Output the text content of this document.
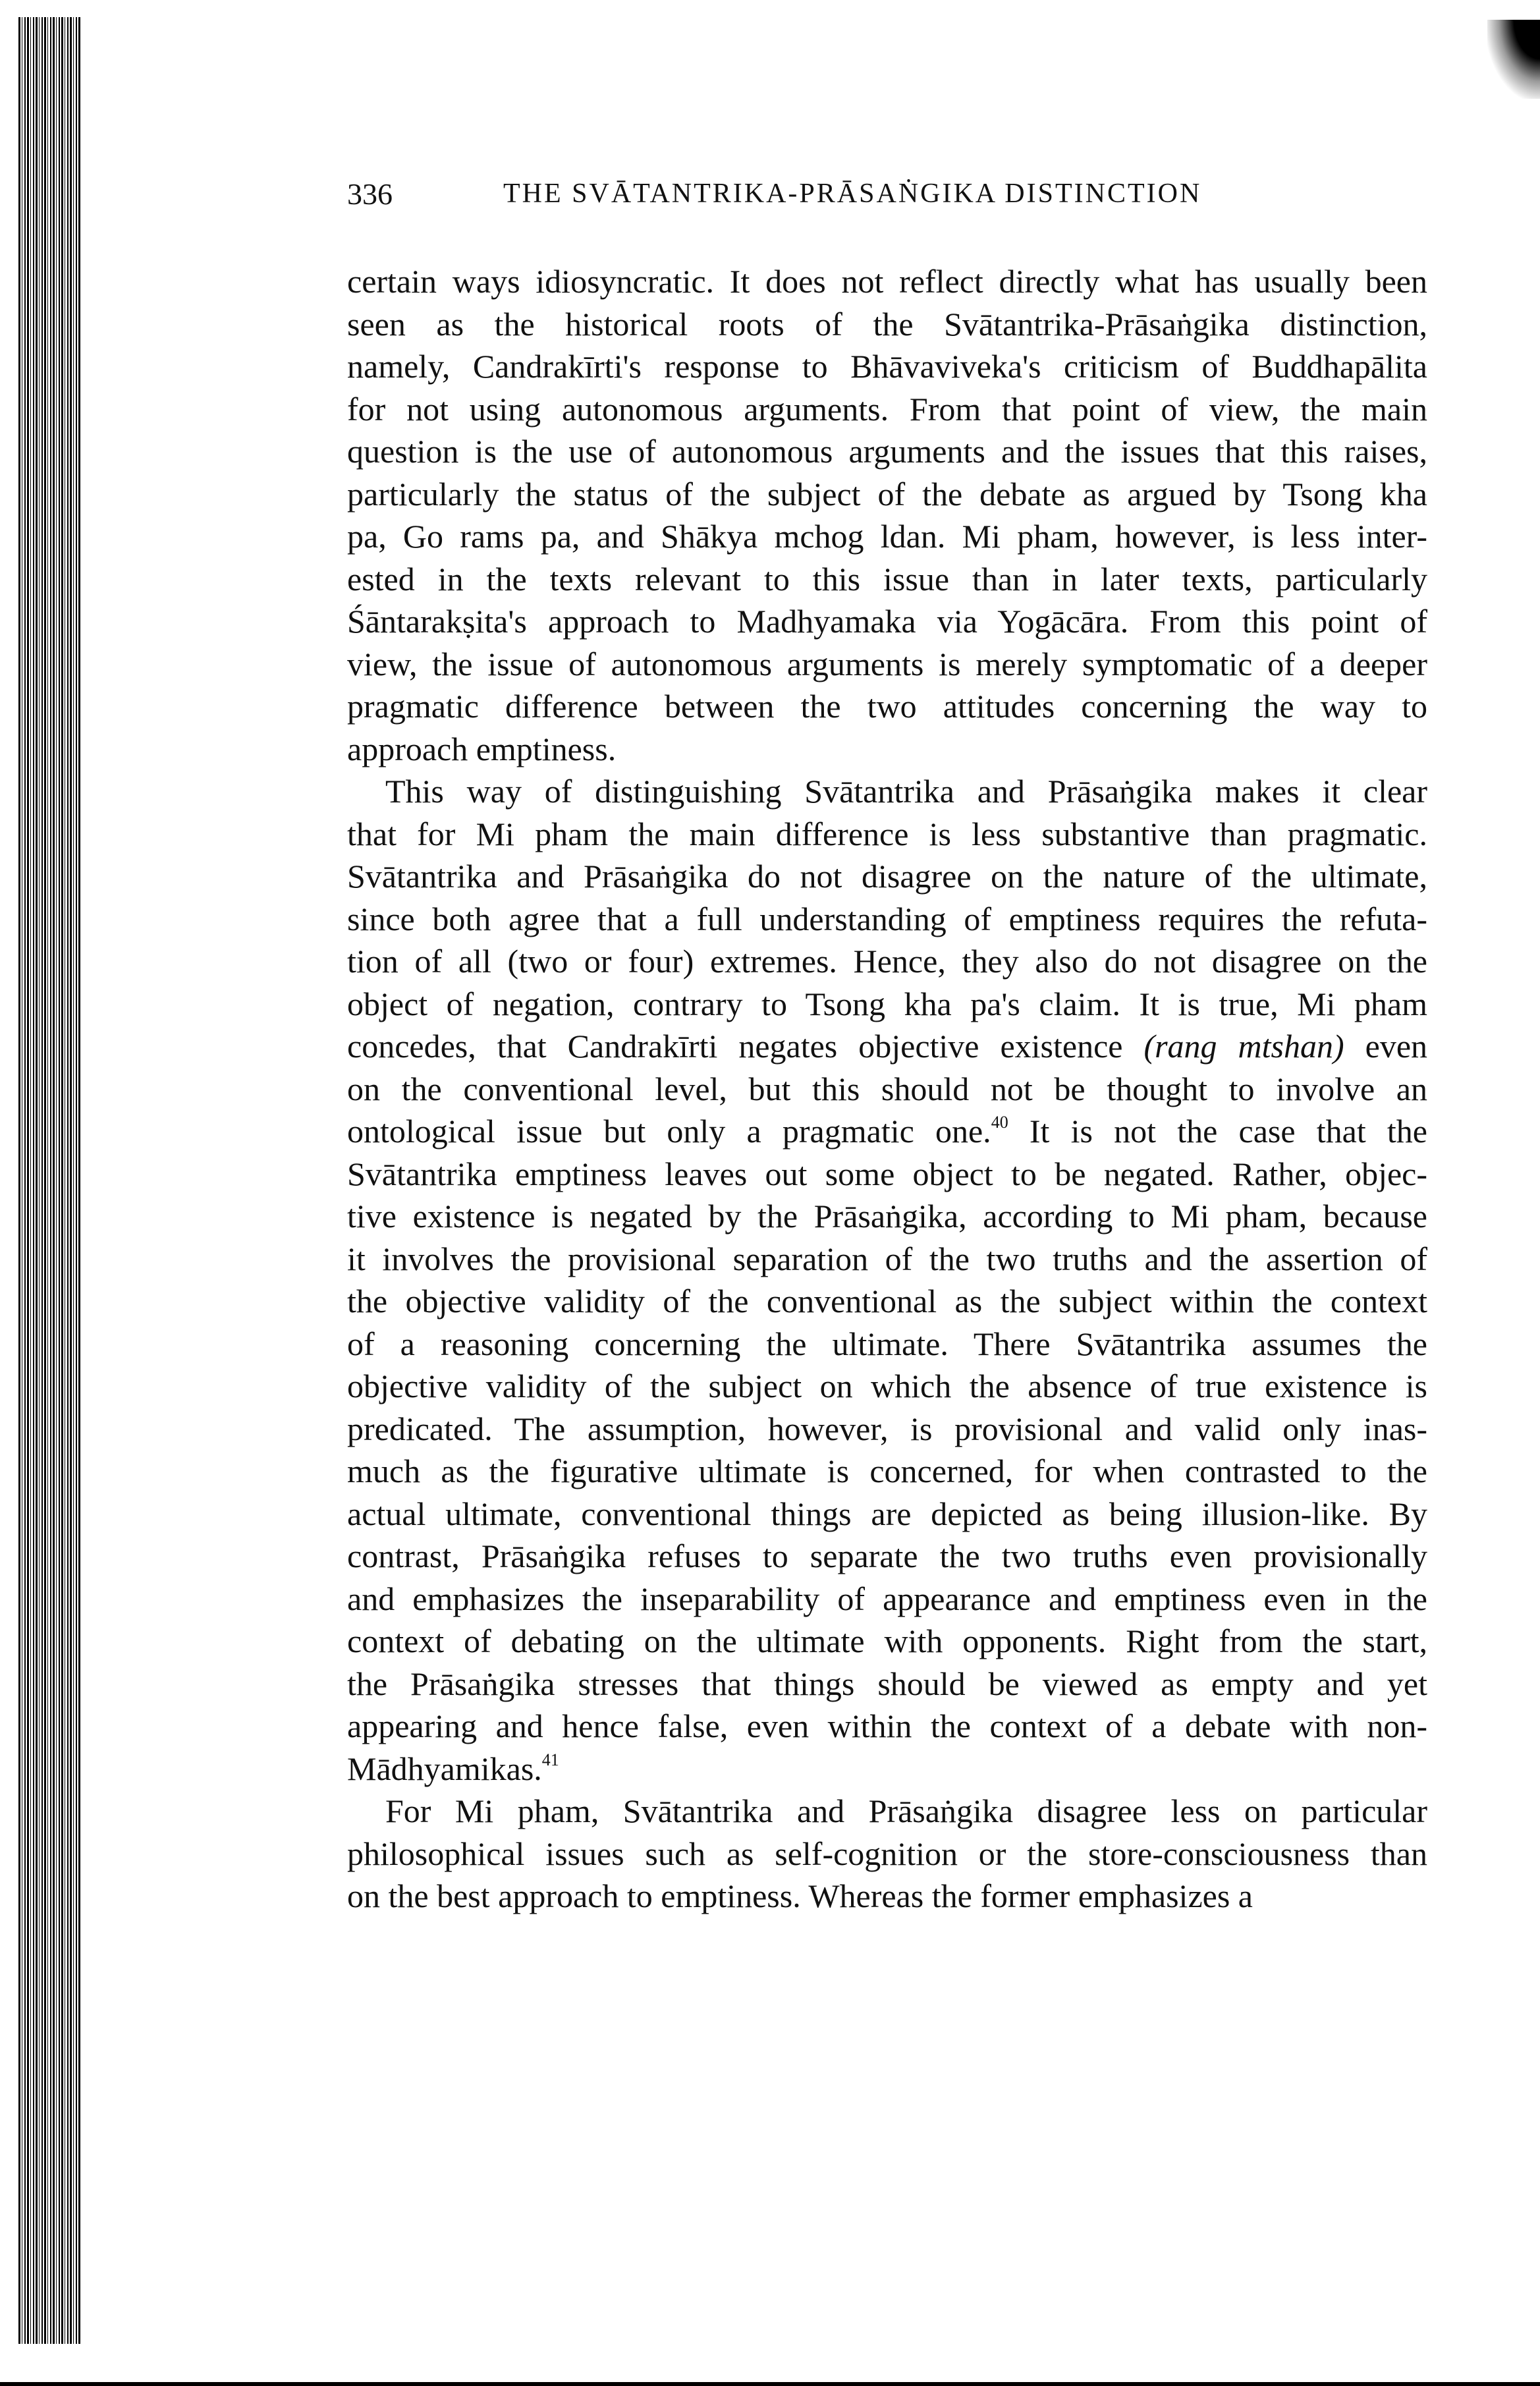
336	THE SVĀTANTRIKA-PRĀSAṄGIKA DISTINCTION
certain ways idiosyncratic. It does not reflect directly what has usually been
seen as the historical roots of the Svātantrika-Prāsaṅgika distinction,
namely, Candrakīrti's response to Bhāvaviveka's criticism of Buddhapālita
for not using autonomous arguments. From that point of view, the main
question is the use of autonomous arguments and the issues that this raises,
particularly the status of the subject of the debate as argued by Tsong kha
pa, Go rams pa, and Shākya mchog ldan. Mi pham, however, is less inter-
ested in the texts relevant to this issue than in later texts, particularly
Śāntarakṣita's approach to Madhyamaka via Yogācāra. From this point of
view, the issue of autonomous arguments is merely symptomatic of a deeper
pragmatic difference between the two attitudes concerning the way to
approach emptiness.
This way of distinguishing Svātantrika and Prāsaṅgika makes it clear
that for Mi pham the main difference is less substantive than pragmatic.
Svātantrika and Prāsaṅgika do not disagree on the nature of the ultimate,
since both agree that a full understanding of emptiness requires the refuta-
tion of all (two or four) extremes. Hence, they also do not disagree on the
object of negation, contrary to Tsong kha pa's claim. It is true, Mi pham
concedes, that Candrakīrti negates objective existence (rang mtshan) even
on the conventional level, but this should not be thought to involve an
ontological issue but only a pragmatic one.$^{40}$ It is not the case that the
Svātantrika emptiness leaves out some object to be negated. Rather, objec-
tive existence is negated by the Prāsaṅgika, according to Mi pham, because
it involves the provisional separation of the two truths and the assertion of
the objective validity of the conventional as the subject within the context
of a reasoning concerning the ultimate. There Svātantrika assumes the
objective validity of the subject on which the absence of true existence is
predicated. The assumption, however, is provisional and valid only inas-
much as the figurative ultimate is concerned, for when contrasted to the
actual ultimate, conventional things are depicted as being illusion-like. By
contrast, Prāsaṅgika refuses to separate the two truths even provisionally
and emphasizes the inseparability of appearance and emptiness even in the
context of debating on the ultimate with opponents. Right from the start,
the Prāsaṅgika stresses that things should be viewed as empty and yet
appearing and hence false, even within the context of a debate with non-
Mādhyamikas.$^{41}$
For Mi pham, Svātantrika and Prāsaṅgika disagree less on particular
philosophical issues such as self-cognition or the store-consciousness than
on the best approach to emptiness. Whereas the former emphasizes a
